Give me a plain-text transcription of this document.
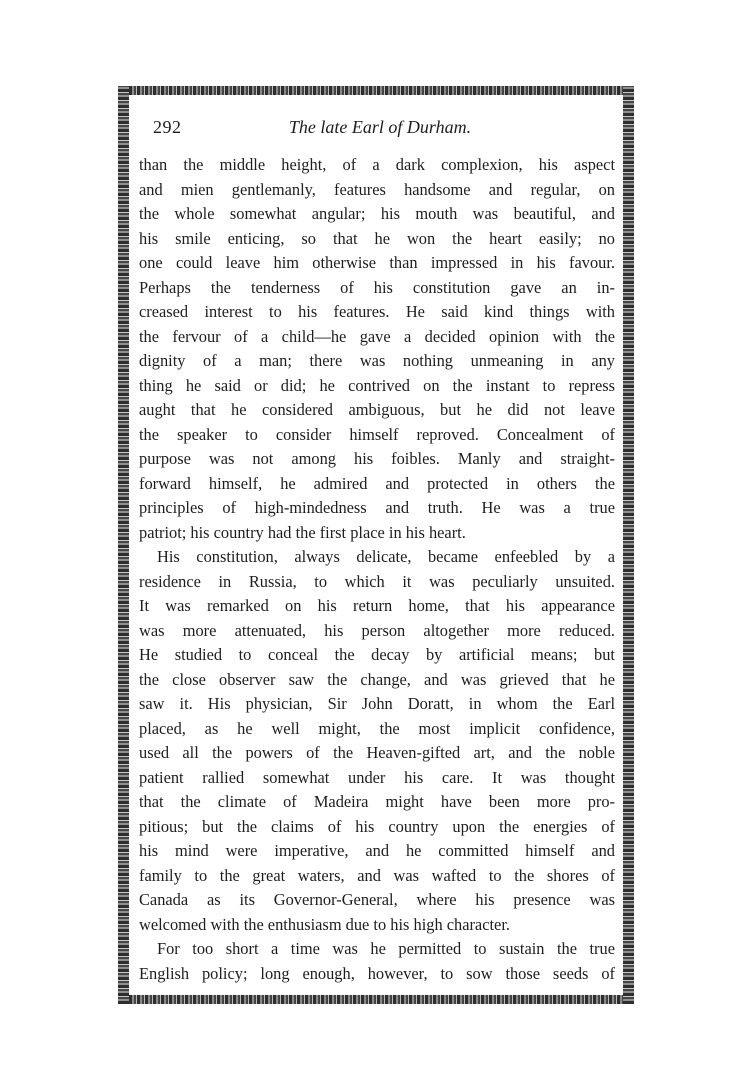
292	The late Earl of Durham.
than the middle height, of a dark complexion, his aspect
and mien gentlemanly, features handsome and regular, on
the whole somewhat angular; his mouth was beautiful, and
his smile enticing, so that he won the heart easily; no
one could leave him otherwise than impressed in his favour.
Perhaps the tenderness of his constitution gave an in-
creased interest to his features. He said kind things with
the fervour of a child—he gave a decided opinion with the
dignity of a man; there was nothing unmeaning in any
thing he said or did; he contrived on the instant to repress
aught that he considered ambiguous, but he did not leave
the speaker to consider himself reproved. Concealment of
purpose was not among his foibles. Manly and straight-
forward himself, he admired and protected in others the
principles of high-mindedness and truth. He was a true
patriot; his country had the first place in his heart.
His constitution, always delicate, became enfeebled by a
residence in Russia, to which it was peculiarly unsuited.
It was remarked on his return home, that his appearance
was more attenuated, his person altogether more reduced.
He studied to conceal the decay by artificial means; but
the close observer saw the change, and was grieved that he
saw it. His physician, Sir John Doratt, in whom the Earl
placed, as he well might, the most implicit confidence,
used all the powers of the Heaven-gifted art, and the noble
patient rallied somewhat under his care. It was thought
that the climate of Madeira might have been more pro-
pitious; but the claims of his country upon the energies of
his mind were imperative, and he committed himself and
family to the great waters, and was wafted to the shores of
Canada as its Governor-General, where his presence was
welcomed with the enthusiasm due to his high character.
For too short a time was he permitted to sustain the true
English policy; long enough, however, to sow those seeds of
